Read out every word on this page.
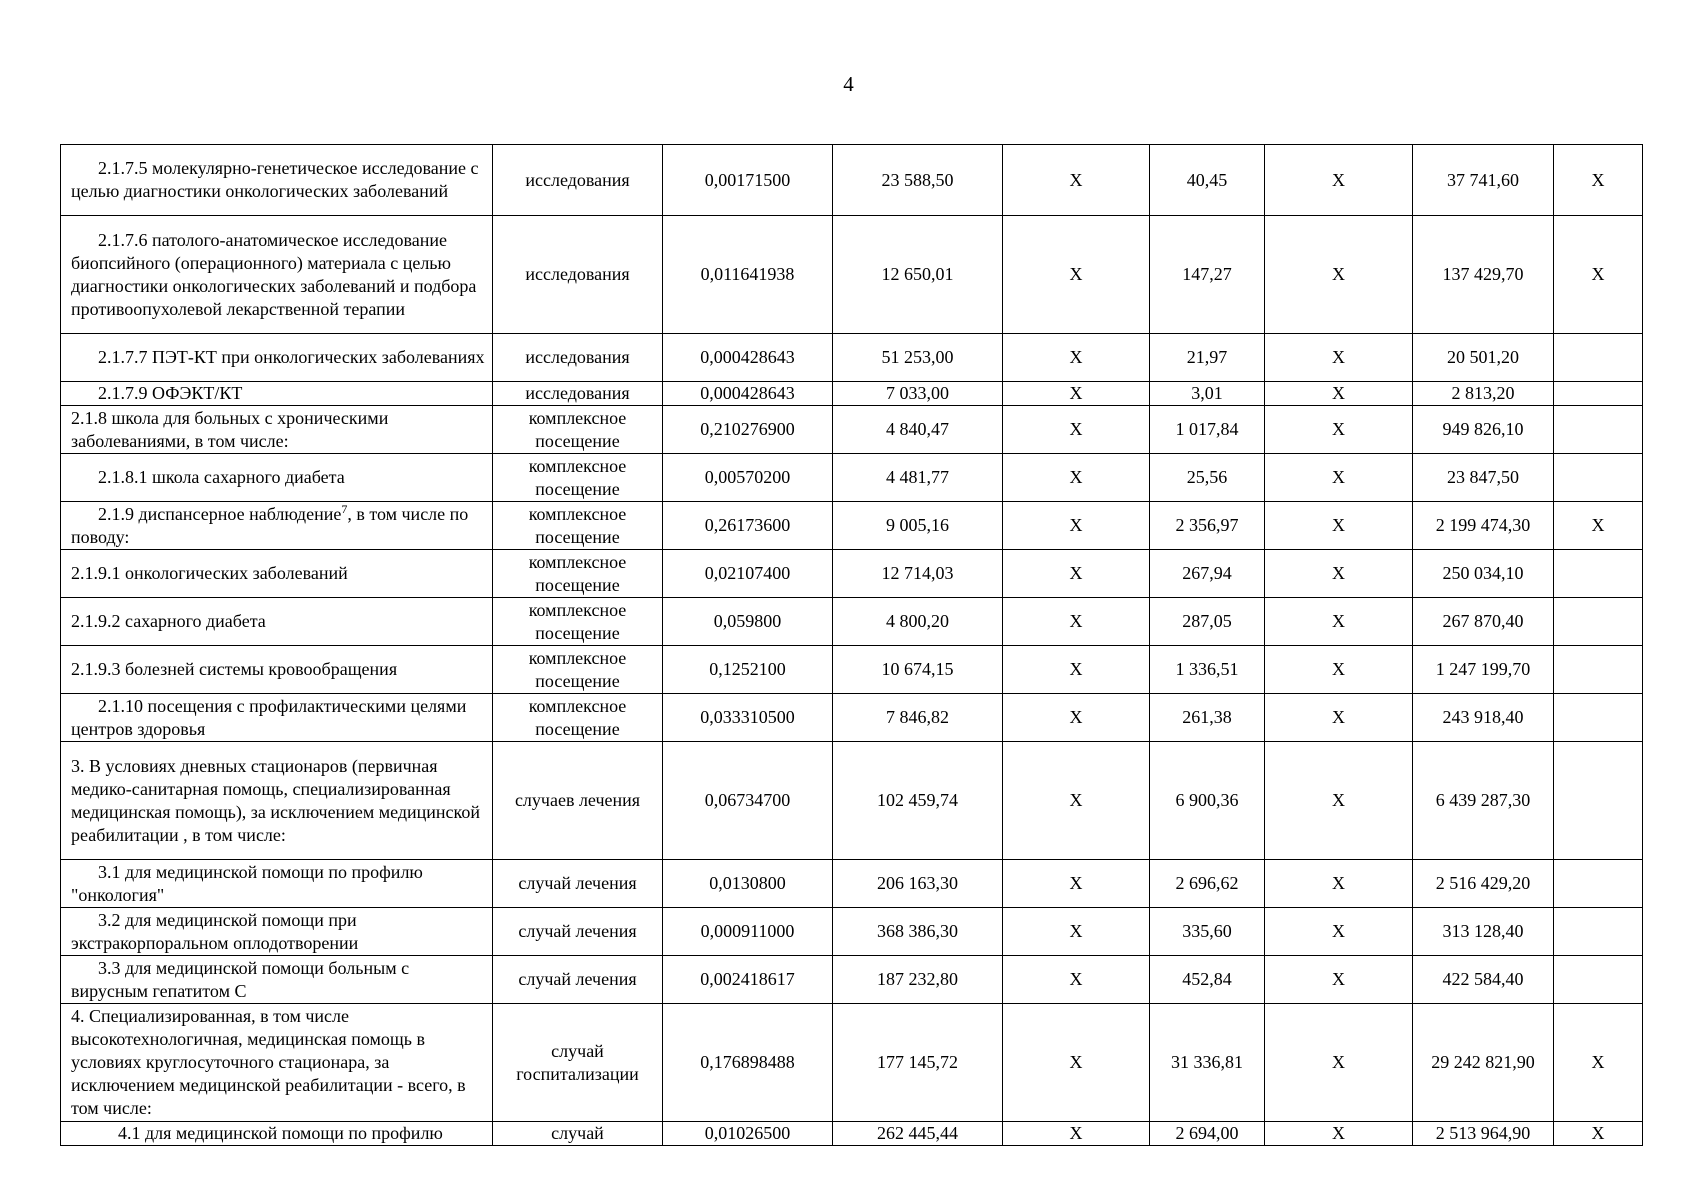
4
2.1.7.5 молекулярно-генетическое исследование с целью диагностики онкологических заболеваний	исследования	0,00171500	23 588,50	Х	40,45	Х	37 741,60	Х
2.1.7.6 патолого-анатомическое исследование биопсийного (операционного) материала с целью диагностики онкологических заболеваний и подбора противоопухолевой лекарственной терапии	исследования	0,011641938	12 650,01	Х	147,27	Х	137 429,70	Х
2.1.7.7 ПЭТ-КТ при онкологических заболеваниях	исследования	0,000428643	51 253,00	Х	21,97	Х	20 501,20	
2.1.7.9 ОФЭКТ/КТ	исследования	0,000428643	7 033,00	Х	3,01	Х	2 813,20	
2.1.8 школа для больных с хроническими заболеваниями, в том числе:	комплексное посещение	0,210276900	4 840,47	Х	1 017,84	Х	949 826,10	
2.1.8.1 школа сахарного диабета	комплексное посещение	0,00570200	4 481,77	Х	25,56	Х	23 847,50	
2.1.9 диспансерное наблюдение$^7$, в том числе по поводу:	комплексное посещение	0,26173600	9 005,16	Х	2 356,97	Х	2 199 474,30	Х
2.1.9.1 онкологических заболеваний	комплексное посещение	0,02107400	12 714,03	Х	267,94	Х	250 034,10	
2.1.9.2 сахарного диабета	комплексное посещение	0,059800	4 800,20	Х	287,05	Х	267 870,40	
2.1.9.3 болезней системы кровообращения	комплексное посещение	0,1252100	10 674,15	Х	1 336,51	Х	1 247 199,70	
2.1.10 посещения с профилактическими целями центров здоровья	комплексное посещение	0,033310500	7 846,82	Х	261,38	Х	243 918,40	
3. В условиях дневных стационаров (первичная медико-санитарная помощь, специализированная медицинская помощь), за исключением медицинской реабилитации , в том числе:	случаев лечения	0,06734700	102 459,74	Х	6 900,36	Х	6 439 287,30	
3.1 для медицинской помощи по профилю "онкология"	случай лечения	0,0130800	206 163,30	Х	2 696,62	Х	2 516 429,20	
3.2 для медицинской помощи при экстракорпоральном оплодотворении	случай лечения	0,000911000	368 386,30	Х	335,60	Х	313 128,40	
3.3 для медицинской помощи больным с вирусным гепатитом С	случай лечения	0,002418617	187 232,80	Х	452,84	Х	422 584,40	
4. Специализированная, в том числе высокотехнологичная, медицинская помощь в условиях круглосуточного стационара, за исключением медицинской реабилитации - всего, в том числе:	случай госпитализации	0,176898488	177 145,72	Х	31 336,81	Х	29 242 821,90	Х
4.1 для медицинской помощи по профилю	случай	0,01026500	262 445,44	Х	2 694,00	Х	2 513 964,90	Х
